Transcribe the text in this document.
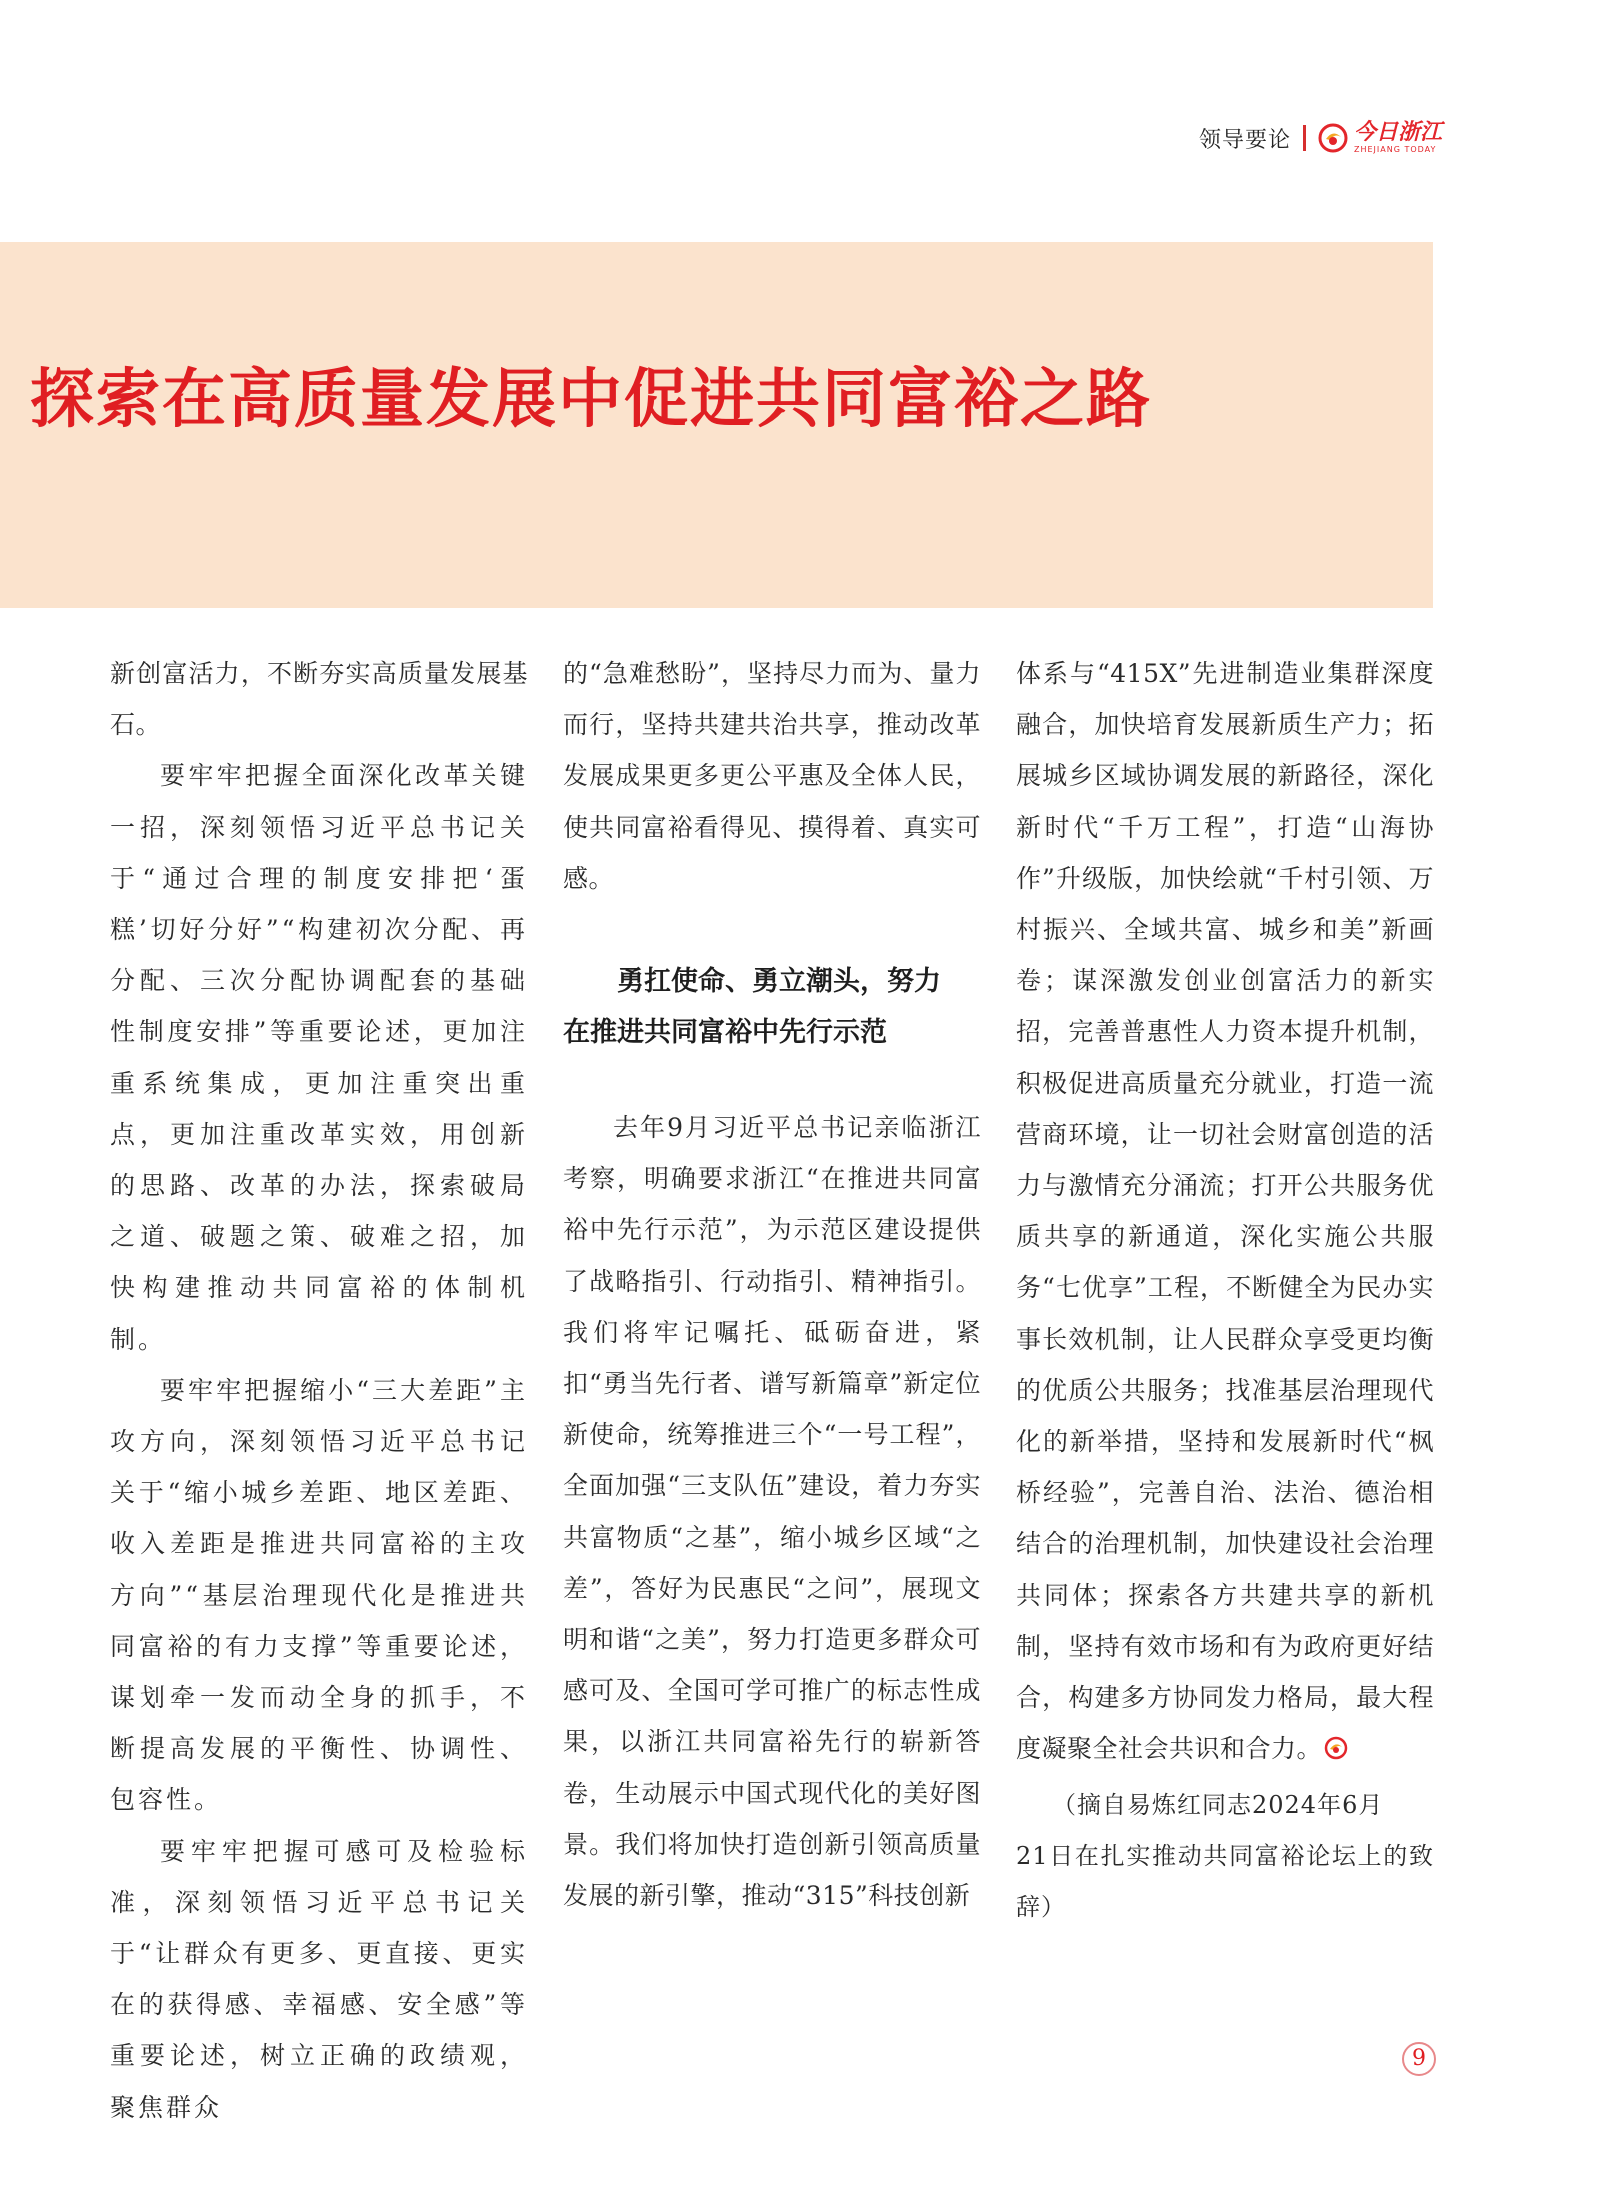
领导要论	今日浙江
ZHEJIANG TODAY
探索在高质量发展中促进共同富裕之路

新创富活力，不断夯实高质量发展基石。

要牢牢把握全面深化改革关键一招，深刻领悟习近平总书记关于“通过合理的制度安排把‘蛋糕’切好分好”“构建初次分配、再分配、三次分配协调配套的基础性制度安排”等重要论述，更加注重系统集成，更加注重突出重点，更加注重改革实效，用创新的思路、改革的办法，探索破局之道、破题之策、破难之招，加快构建推动共同富裕的体制机制。

要牢牢把握缩小“三大差距”主攻方向，深刻领悟习近平总书记关于“缩小城乡差距、地区差距、收入差距是推进共同富裕的主攻方向”“基层治理现代化是推进共同富裕的有力支撑”等重要论述，谋划牵一发而动全身的抓手，不断提高发展的平衡性、协调性、包容性。

要牢牢把握可感可及检验标准，深刻领悟习近平总书记关于“让群众有更多、更直接、更实在的获得感、幸福感、安全感”等重要论述，树立正确的政绩观，聚焦群众

的“急难愁盼”，坚持尽力而为、量力而行，坚持共建共治共享，推动改革发展成果更多更公平惠及全体人民，使共同富裕看得见、摸得着、真实可感。

勇扛使命、勇立潮头，努力
在推进共同富裕中先行示范

去年9月习近平总书记亲临浙江考察，明确要求浙江“在推进共同富裕中先行示范”，为示范区建设提供了战略指引、行动指引、精神指引。我们将牢记嘱托、砥砺奋进，紧扣“勇当先行者、谱写新篇章”新定位新使命，统筹推进三个“一号工程”，全面加强“三支队伍”建设，着力夯实共富物质“之基”，缩小城乡区域“之差”，答好为民惠民“之问”，展现文明和谐“之美”，努力打造更多群众可感可及、全国可学可推广的标志性成果，以浙江共同富裕先行的崭新答卷，生动展示中国式现代化的美好图景。我们将加快打造创新引领高质量发展的新引擎，推动“315”科技创新

体系与“415X”先进制造业集群深度融合，加快培育发展新质生产力；拓展城乡区域协调发展的新路径，深化新时代“千万工程”，打造“山海协作”升级版，加快绘就“千村引领、万村振兴、全域共富、城乡和美”新画卷；谋深激发创业创富活力的新实招，完善普惠性人力资本提升机制，积极促进高质量充分就业，打造一流营商环境，让一切社会财富创造的活力与激情充分涌流；打开公共服务优质共享的新通道，深化实施公共服务“七优享”工程，不断健全为民办实事长效机制，让人民群众享受更均衡的优质公共服务；找准基层治理现代化的新举措，坚持和发展新时代“枫桥经验”，完善自治、法治、德治相结合的治理机制，加快建设社会治理共同体；探索各方共建共享的新机制，坚持有效市场和有为政府更好结合，构建多方协同发力格局，最大程度凝聚全社会共识和合力。

（摘自易炼红同志2024年6月

21日在扎实推动共同富裕论坛上的致辞）

9
